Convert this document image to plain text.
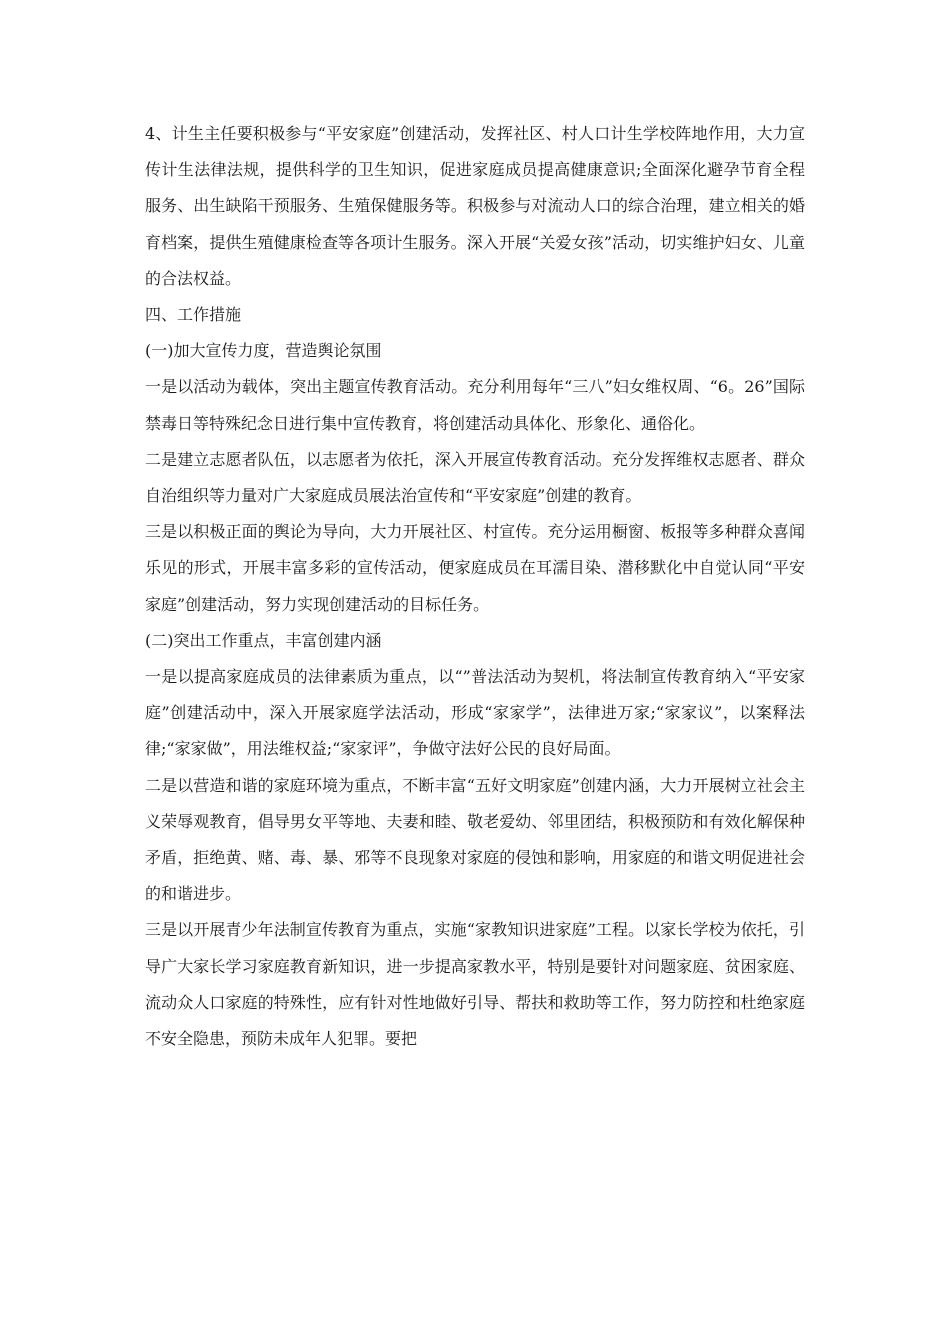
4、计生主任要积极参与“平安家庭”创建活动，发挥社区、村人口计生学校阵地作用，大力宣传计生法律法规，提供科学的卫生知识，促进家庭成员提高健康意识;全面深化避孕节育全程服务、出生缺陷干预服务、生殖保健服务等。积极参与对流动人口的综合治理，建立相关的婚育档案，提供生殖健康检查等各项计生服务。深入开展“关爱女孩”活动，切实维护妇女、儿童的合法权益。

四、工作措施

(一)加大宣传力度，营造舆论氛围

一是以活动为载体，突出主题宣传教育活动。充分利用每年“三八”妇女维权周、“6。26”国际禁毒日等特殊纪念日进行集中宣传教育，将创建活动具体化、形象化、通俗化。

二是建立志愿者队伍，以志愿者为依托，深入开展宣传教育活动。充分发挥维权志愿者、群众自治组织等力量对广大家庭成员展法治宣传和“平安家庭”创建的教育。

三是以积极正面的舆论为导向，大力开展社区、村宣传。充分运用橱窗、板报等多种群众喜闻乐见的形式，开展丰富多彩的宣传活动，便家庭成员在耳濡目染、潜移默化中自觉认同“平安家庭”创建活动，努力实现创建活动的目标任务。

(二)突出工作重点，丰富创建内涵

一是以提高家庭成员的法律素质为重点，以“”普法活动为契机，将法制宣传教育纳入“平安家庭”创建活动中，深入开展家庭学法活动，形成“家家学”，法律进万家;“家家议”，以案释法律;“家家做”，用法维权益;“家家评”，争做守法好公民的良好局面。

二是以营造和谐的家庭环境为重点，不断丰富“五好文明家庭”创建内涵，大力开展树立社会主义荣辱观教育，倡导男女平等地、夫妻和睦、敬老爱幼、邻里团结，积极预防和有效化解保种矛盾，拒绝黄、赌、毒、暴、邪等不良现象对家庭的侵蚀和影响，用家庭的和谐文明促进社会的和谐进步。

三是以开展青少年法制宣传教育为重点，实施“家教知识进家庭”工程。以家长学校为依托，引导广大家长学习家庭教育新知识，进一步提高家教水平，特别是要针对问题家庭、贫困家庭、流动众人口家庭的特殊性，应有针对性地做好引导、帮扶和救助等工作，努力防控和杜绝家庭不安全隐患，预防未成年人犯罪。要把
